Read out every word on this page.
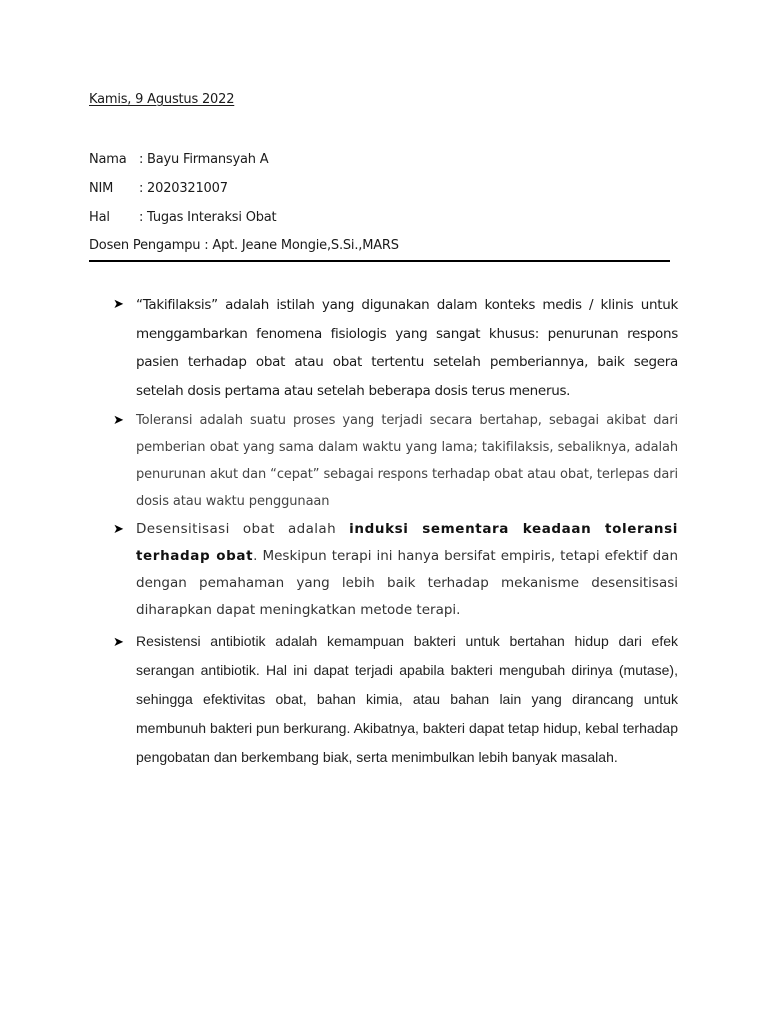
Kamis, 9 Agustus 2022
Nama : Bayu Firmansyah A
NIM : 2020321007
Hal : Tugas Interaksi Obat
Dosen Pengampu : Apt. Jeane Mongie,S.Si.,MARS
➤ “Takifilaksis” adalah istilah yang digunakan dalam konteks medis / klinis untuk menggambarkan fenomena fisiologis yang sangat khusus: penurunan respons pasien terhadap obat atau obat tertentu setelah pemberiannya, baik segera setelah dosis pertama atau setelah beberapa dosis terus menerus.
➤ Toleransi adalah suatu proses yang terjadi secara bertahap, sebagai akibat dari pemberian obat yang sama dalam waktu yang lama; takifilaksis, sebaliknya, adalah penurunan akut dan “cepat” sebagai respons terhadap obat atau obat, terlepas dari dosis atau waktu penggunaan
➤ Desensitisasi obat adalah induksi sementara keadaan toleransi terhadap obat. Meskipun terapi ini hanya bersifat empiris, tetapi efektif dan dengan pemahaman yang lebih baik terhadap mekanisme desensitisasi diharapkan dapat meningkatkan metode terapi.
➤ Resistensi antibiotik adalah kemampuan bakteri untuk bertahan hidup dari efek serangan antibiotik. Hal ini dapat terjadi apabila bakteri mengubah dirinya (mutase), sehingga efektivitas obat, bahan kimia, atau bahan lain yang dirancang untuk membunuh bakteri pun berkurang. Akibatnya, bakteri dapat tetap hidup, kebal terhadap pengobatan dan berkembang biak, serta menimbulkan lebih banyak masalah.
